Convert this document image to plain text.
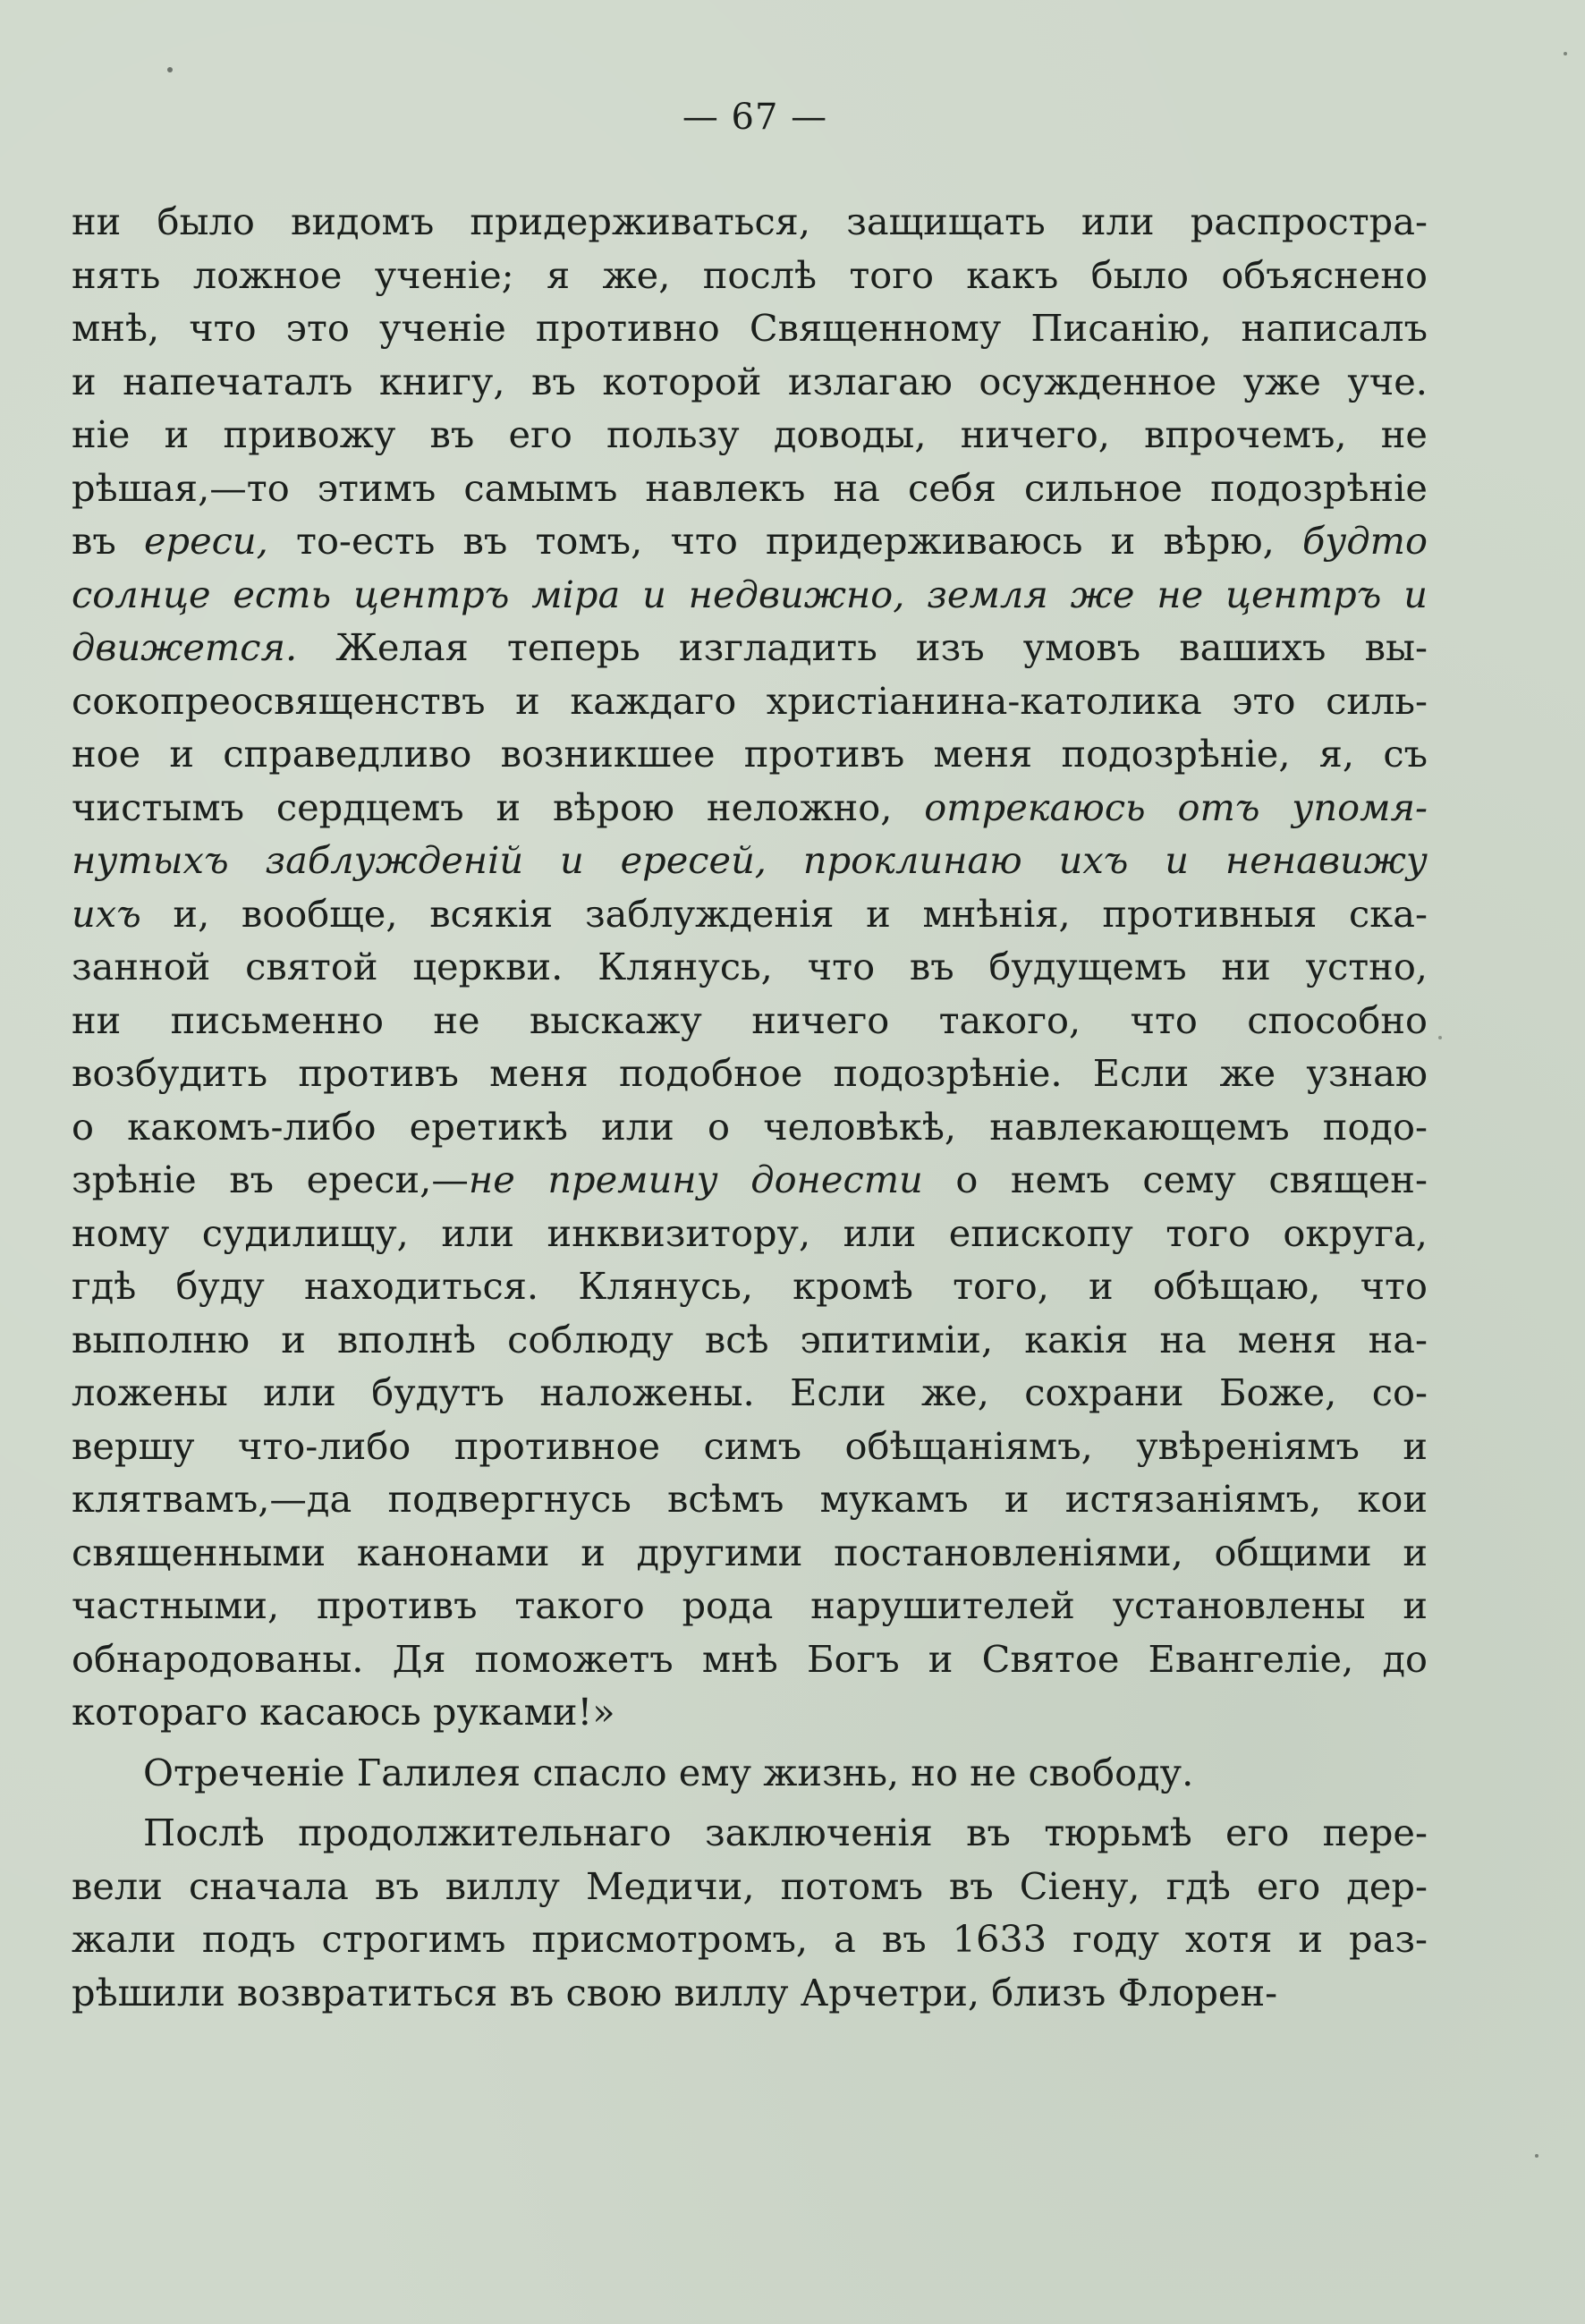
— 67 —
ни было видомъ придерживаться, защищать или распростра-
нять ложное ученіе; я же, послѣ того какъ было объяснено
мнѣ, что это ученіе противно Священному Писанію, написалъ
и напечаталъ книгу, въ которой излагаю осужденное уже уче.
ніе и привожу въ его пользу доводы, ничего, впрочемъ, не
рѣшая,—то этимъ самымъ навлекъ на себя сильное подозрѣніе
въ ереси, то-есть въ томъ, что придерживаюсь и вѣрю, будто
солнце есть центръ міра и недвижно, земля же не центръ и
движется. Желая теперь изгладить изъ умовъ вашихъ вы-
сокопреосвященствъ и каждаго христіанина-католика это силь-
ное и справедливо возникшее противъ меня подозрѣніе, я, съ
чистымъ сердцемъ и вѣрою неложно, отрекаюсь отъ упомя-
нутыхъ заблужденій и ересей, проклинаю ихъ и ненавижу
ихъ и, вообще, всякія заблужденія и мнѣнія, противныя ска-
занной святой церкви. Клянусь, что въ будущемъ ни устно,
ни письменно не выскажу ничего такого, что способно
возбудить противъ меня подобное подозрѣніе. Если же узнаю
о какомъ-либо еретикѣ или о человѣкѣ, навлекающемъ подо-
зрѣніе въ ереси,—не премину донести о немъ сему священ-
ному судилищу, или инквизитору, или епископу того округа,
гдѣ буду находиться. Клянусь, кромѣ того, и обѣщаю, что
выполню и вполнѣ соблюду всѣ эпитимiи, какія на меня на-
ложены или будутъ наложены. Если же, сохрани Боже, со-
вершу что-либо противное симъ обѣщаніямъ, увѣреніямъ и
клятвамъ,—да подвергнусь всѣмъ мукамъ и истязаніямъ, кои
священными канонами и другими постановленіями, общими и
частными, противъ такого рода нарушителей установлены и
обнародованы. Дя поможетъ мнѣ Богъ и Святое Евангеліе, до
котораго касаюсь руками!»
Отреченіе Галилея спасло ему жизнь, но не свободу.
Послѣ продолжительнаго заключенія въ тюрьмѣ его пере-
вели сначала въ виллу Медичи, потомъ въ Сіену, гдѣ его дер-
жали подъ строгимъ присмотромъ, а въ 1633 году хотя и раз-
рѣшили возвратиться въ свою виллу Арчетри, близъ Флорен-
